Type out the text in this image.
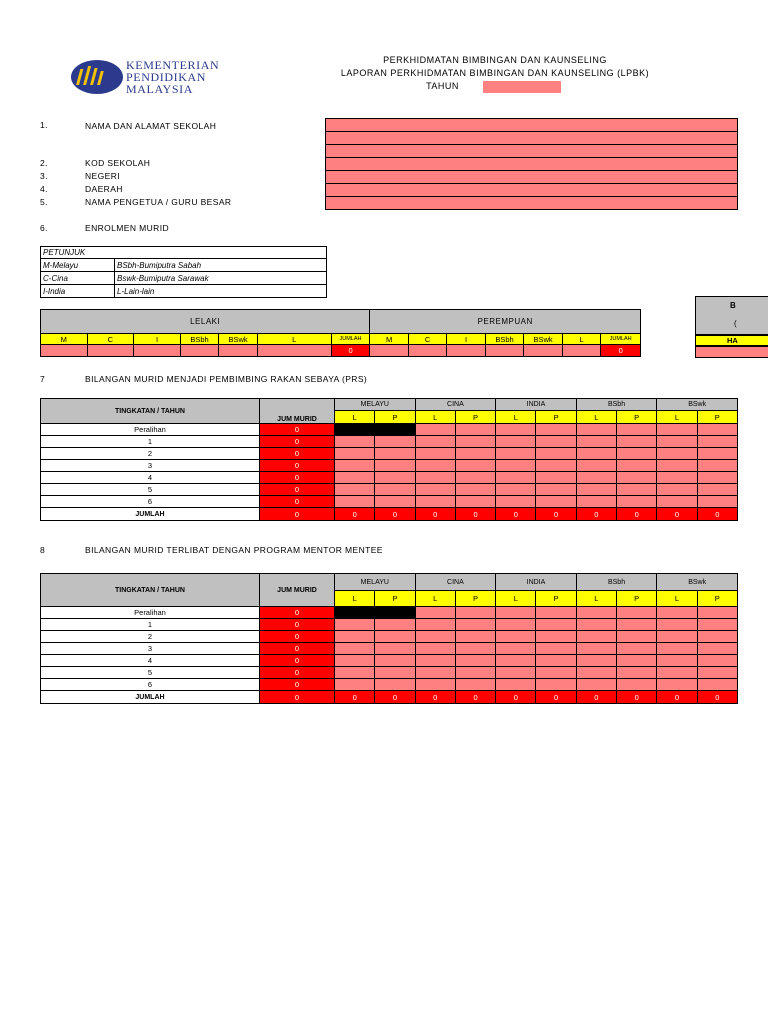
KEMENTERIAN
PENDIDIKAN
MALAYSIA
PERKHIDMATAN BIMBINGAN DAN KAUNSELING
LAPORAN PERKHIDMATAN BIMBINGAN DAN KAUNSELING (LPBK)
TAHUN
1.	NAMA DAN ALAMAT SEKOLAH
2.	KOD SEKOLAH
3.	NEGERI
4.	DAERAH
5.	NAMA PENGETUA / GURU BESAR
6.	ENROLMEN MURID

PETUNJUK	
M-Melayu	BSbh-Bumiputra Sabah
C-Cina	Bswk-Bumiputra Sarawak
I-India	L-Lain-lain
LELAKI							PEREMPUAN						
M	C	I	BSbh	BSwk	L	JUMLAH	M	C	I	BSbh	BSwk	L	JUMLAH
						0							0
B
(
HA
7	BILANGAN MURID MENJADI PEMBIMBING RAKAN SEBAYA (PRS)
8	BILANGAN MURID TERLIBAT DENGAN PROGRAM MENTOR MENTEE
TINGKATAN / TAHUN	JUM MURID	MELAYU		CINA		INDIA		BSbh		BSwk	
		L	P	L	P	L	P	L	P	L	P
Peralihan	0										
1	0										
2	0										
3	0										
4	0										
5	0										
6	0										
JUMLAH	0	0	0	0	0	0	0	0	0	0	0
TINGKATAN / TAHUN	JUM MURID	MELAYU		CINA		INDIA		BSbh		BSwk	
		L	P	L	P	L	P	L	P	L	P
Peralihan	0										
1	0										
2	0										
3	0										
4	0										
5	0										
6	0										
JUMLAH	0	0	0	0	0	0	0	0	0	0	0
